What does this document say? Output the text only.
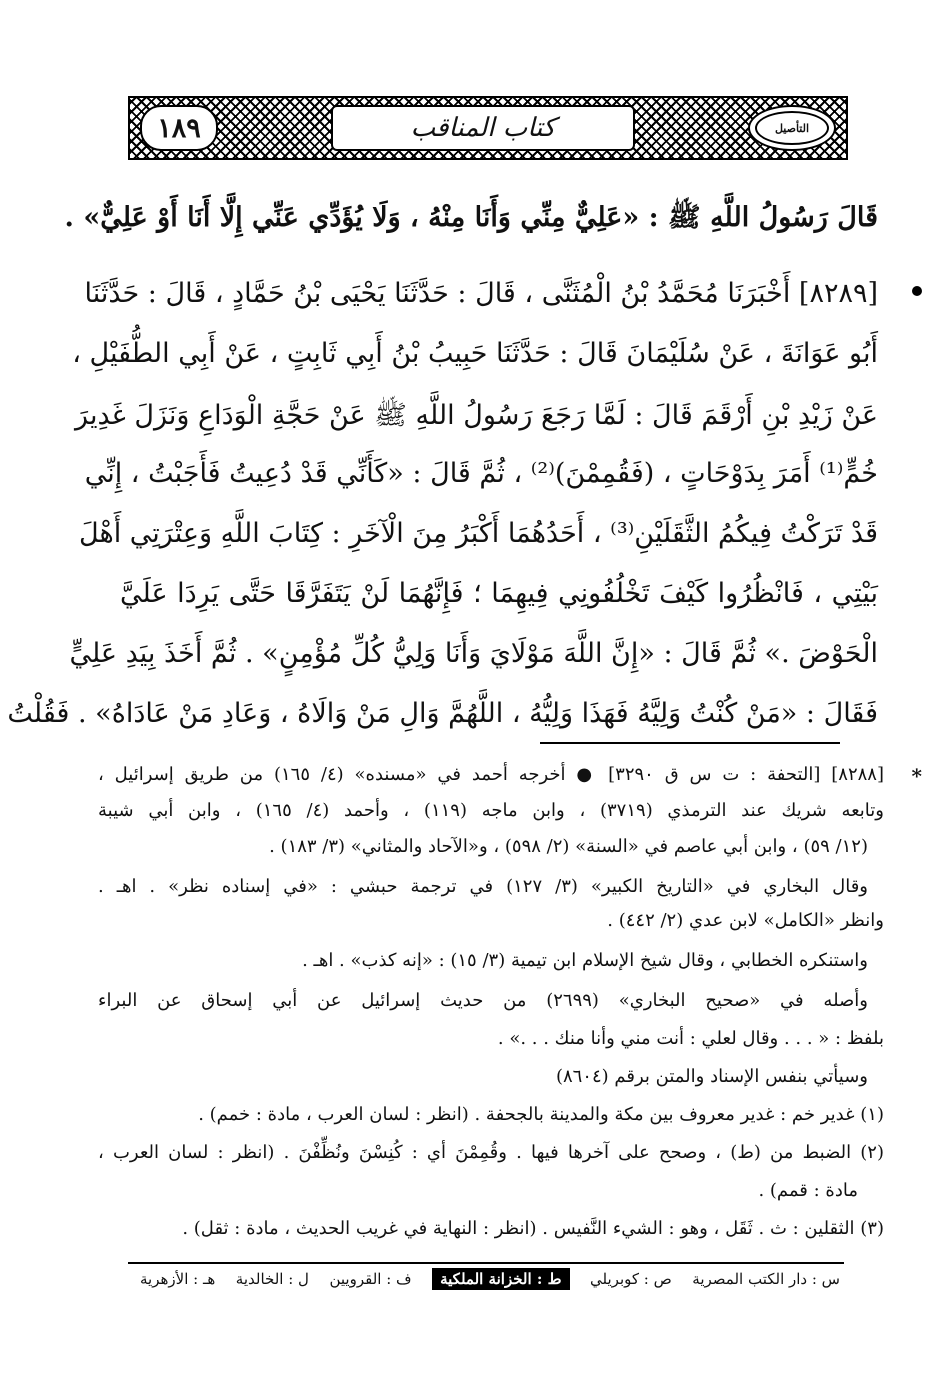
١٨٩	كتاب المناقب	التأصيل
قَالَ رَسُولُ اللَّهِ ﷺ : «عَلِيٌّ مِنِّي وَأَنَا مِنْهُ ، وَلَا يُؤَدِّي عَنِّي إِلَّا أَنَا أَوْ عَلِيٌّ» .
[٨٢٨٩] أَخْبَرَنَا مُحَمَّدُ بْنُ الْمُثَنَّى ، قَالَ : حَدَّثَنَا يَحْيَى بْنُ حَمَّادٍ ، قَالَ : حَدَّثَنَا
أَبُو عَوَانَةَ ، عَنْ سُلَيْمَانَ قَالَ : حَدَّثَنَا حَبِيبُ بْنُ أَبِي ثَابِتٍ ، عَنْ أَبِي الطُّفَيْلِ ،
عَنْ زَيْدِ بْنِ أَرْقَمَ قَالَ : لَمَّا رَجَعَ رَسُولُ اللَّهِ ﷺ عَنْ حَجَّةِ الْوَدَاعِ وَنَزَلَ غَدِيرَ
خُمٍّ⁽¹⁾ أَمَرَ بِدَوْحَاتٍ ، (فَقُمِمْنَ)⁽²⁾ ، ثُمَّ قَالَ : «كَأَنِّي قَدْ دُعِيتُ فَأَجَبْتُ ، إِنِّي
قَدْ تَرَكْتُ فِيكُمُ الثَّقَلَيْنِ⁽³⁾ ، أَحَدُهُمَا أَكْبَرُ مِنَ الْآخَرِ : كِتَابَ اللَّهِ وَعِتْرَتِي أَهْلَ
بَيْتِي ، فَانْظُرُوا كَيْفَ تَخْلُفُونِي فِيهِمَا ؛ فَإِنَّهُمَا لَنْ يَتَفَرَّقَا حَتَّى يَرِدَا عَلَيَّ
الْحَوْضَ .» ثُمَّ قَالَ : «إِنَّ اللَّهَ مَوْلَايَ وَأَنَا وَلِيُّ كُلِّ مُؤْمِنٍ» . ثُمَّ أَخَذَ بِيَدِ عَلِيٍّ
فَقَالَ : «مَنْ كُنْتُ وَلِيَّهُ فَهَذَا وَلِيُّهُ ، اللَّهُمَّ وَالِ مَنْ وَالَاهُ ، وَعَادِ مَنْ عَادَاهُ» . فَقُلْتُ
*
[٨٢٨٨] [التحفة : ت س ق ٣٢٩٠] ● أخرجه أحمد في «مسنده» (٤/ ١٦٥) من طريق إسرائيل ،
وتابعه شريك عند الترمذي (٣٧١٩) ، وابن ماجه (١١٩) ، وأحمد (٤/ ١٦٥) ، وابن أبي شيبة
(١٢/ ٥٩) ، وابن أبي عاصم في «السنة» (٢/ ٥٩٨) ، و«الآحاد والمثاني» (٣/ ١٨٣) .
وقال البخاري في «التاريخ الكبير» (٣/ ١٢٧) في ترجمة حبشي : «في إسناده نظر» . اهـ .
وانظر «الكامل» لابن عدي (٢/ ٤٤٢) .
واستنكره الخطابي ، وقال شيخ الإسلام ابن تيمية (٣/ ١٥) : «إنه كذب» . اهـ .
وأصله في «صحيح البخاري» (٢٦٩٩) من حديث إسرائيل عن أبي إسحاق عن البراء
بلفظ : « . . . وقال لعلي : أنت مني وأنا منك . . .» .
وسيأتي بنفس الإسناد والمتن برقم (٨٦٠٤)
(١) غدير خم : غدير معروف بين مكة والمدينة بالجحفة . (انظر : لسان العرب ، مادة : خمم) .
(٢) الضبط من (ط) ، وصحح على آخرها فيها . وقُمِمْنَ أي : كُنِسْنَ ونُظِّفْنَ . (انظر : لسان العرب ،
مادة : قمم) .
(٣) الثقلين : ث . ثَقَل ، وهو : الشيء النَّفيس . (انظر : النهاية في غريب الحديث ، مادة : ثقل) .
س : دار الكتب المصرية
ص : كوبريلي
ط : الخزانة الملكية
ف : القرويين
ل : الخالدية
هـ : الأزهرية
